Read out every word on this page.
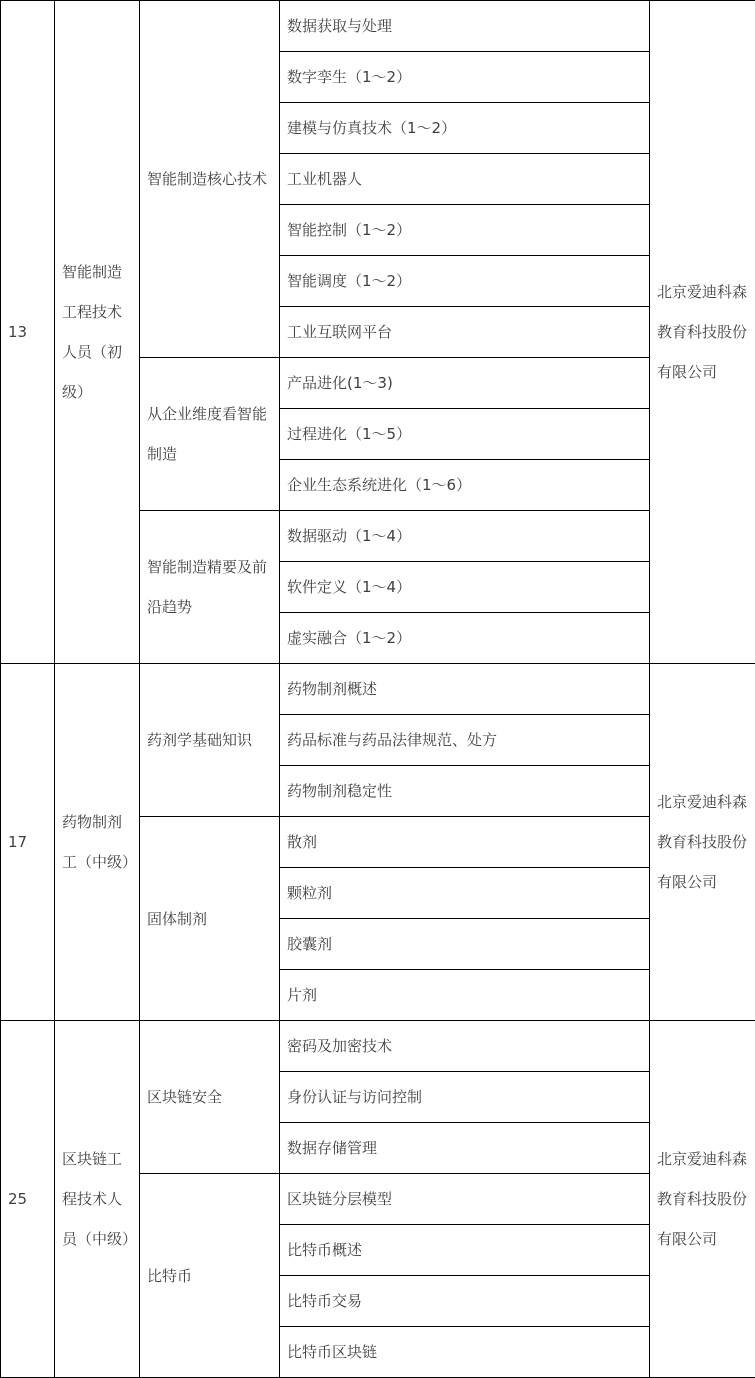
13	智能制造工程技术人员（初级）	智能制造核心技术	数据获取与处理	北京爱迪科森教育科技股份有限公司
			数字孪生（1～2）	
			建模与仿真技术（1～2）	
			工业机器人	
			智能控制（1～2）	
			智能调度（1～2）	
			工业互联网平台	
		从企业维度看智能制造	产品进化(1～3)	
			过程进化（1～5）	
			企业生态系统进化（1～6）	
		智能制造精要及前沿趋势	数据驱动（1～4）	
			软件定义（1～4）	
			虚实融合（1～2）	
17	药物制剂工（中级）	药剂学基础知识	药物制剂概述	北京爱迪科森教育科技股份有限公司
			药品标准与药品法律规范、处方	
			药物制剂稳定性	
		固体制剂	散剂	
			颗粒剂	
			胶囊剂	
			片剂	
25	区块链工程技术人员（中级）	区块链安全	密码及加密技术	北京爱迪科森教育科技股份有限公司
			身份认证与访问控制	
			数据存储管理	
		比特币	区块链分层模型	
			比特币概述	
			比特币交易	
			比特币区块链	
